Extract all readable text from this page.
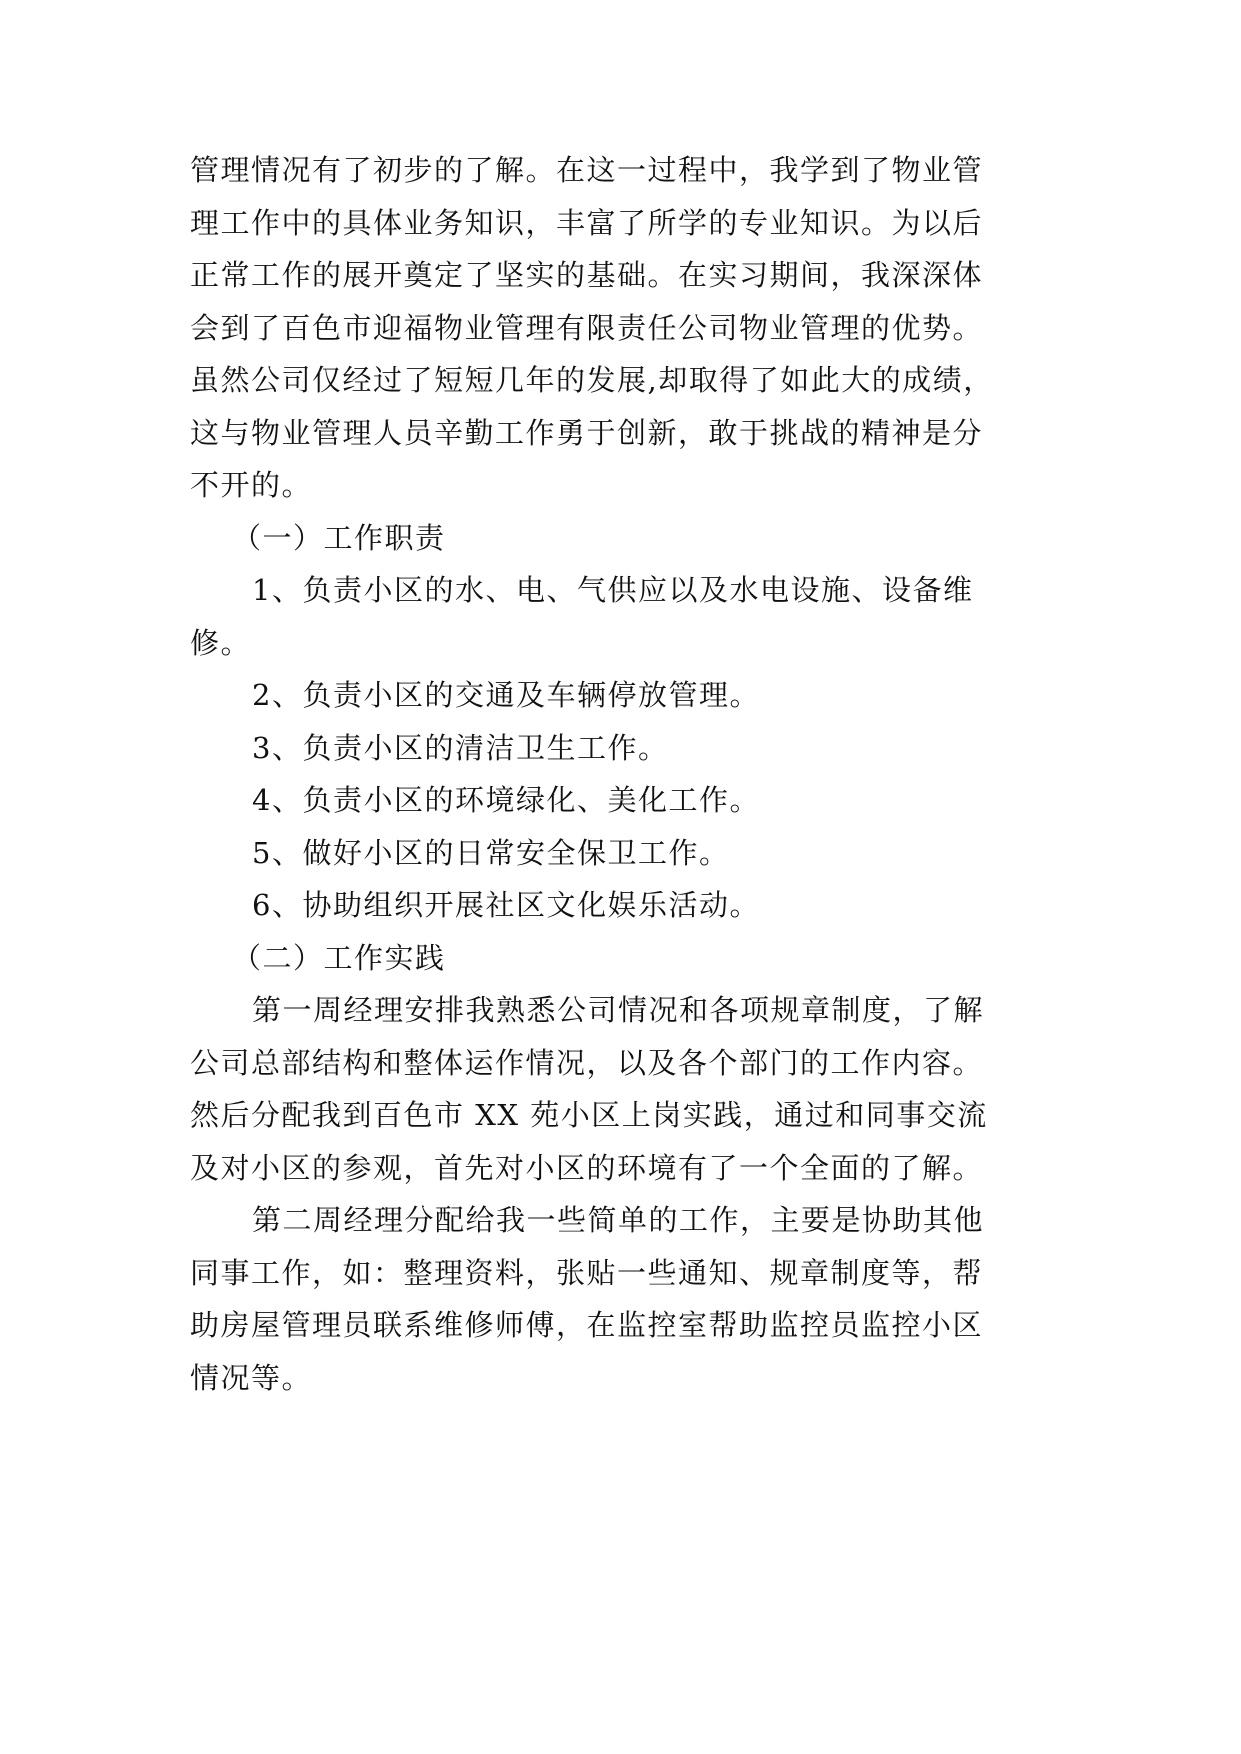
管理情况有了初步的了解。在这一过程中，我学到了物业管
理工作中的具体业务知识，丰富了所学的专业知识。为以后
正常工作的展开奠定了坚实的基础。在实习期间，我深深体
会到了百色市迎福物业管理有限责任公司物业管理的优势。
虽然公司仅经过了短短几年的发展,却取得了如此大的成绩，
这与物业管理人员辛勤工作勇于创新，敢于挑战的精神是分
不开的。
（一）工作职责
1、负责小区的水、电、气供应以及水电设施、设备维
修。
2、负责小区的交通及车辆停放管理。
3、负责小区的清洁卫生工作。
4、负责小区的环境绿化、美化工作。
5、做好小区的日常安全保卫工作。
6、协助组织开展社区文化娱乐活动。
（二）工作实践
第一周经理安排我熟悉公司情况和各项规章制度，了解
公司总部结构和整体运作情况，以及各个部门的工作内容。
然后分配我到百色市 XX 苑小区上岗实践，通过和同事交流
及对小区的参观，首先对小区的环境有了一个全面的了解。
第二周经理分配给我一些简单的工作，主要是协助其他
同事工作，如：整理资料，张贴一些通知、规章制度等，帮
助房屋管理员联系维修师傅，在监控室帮助监控员监控小区
情况等。
